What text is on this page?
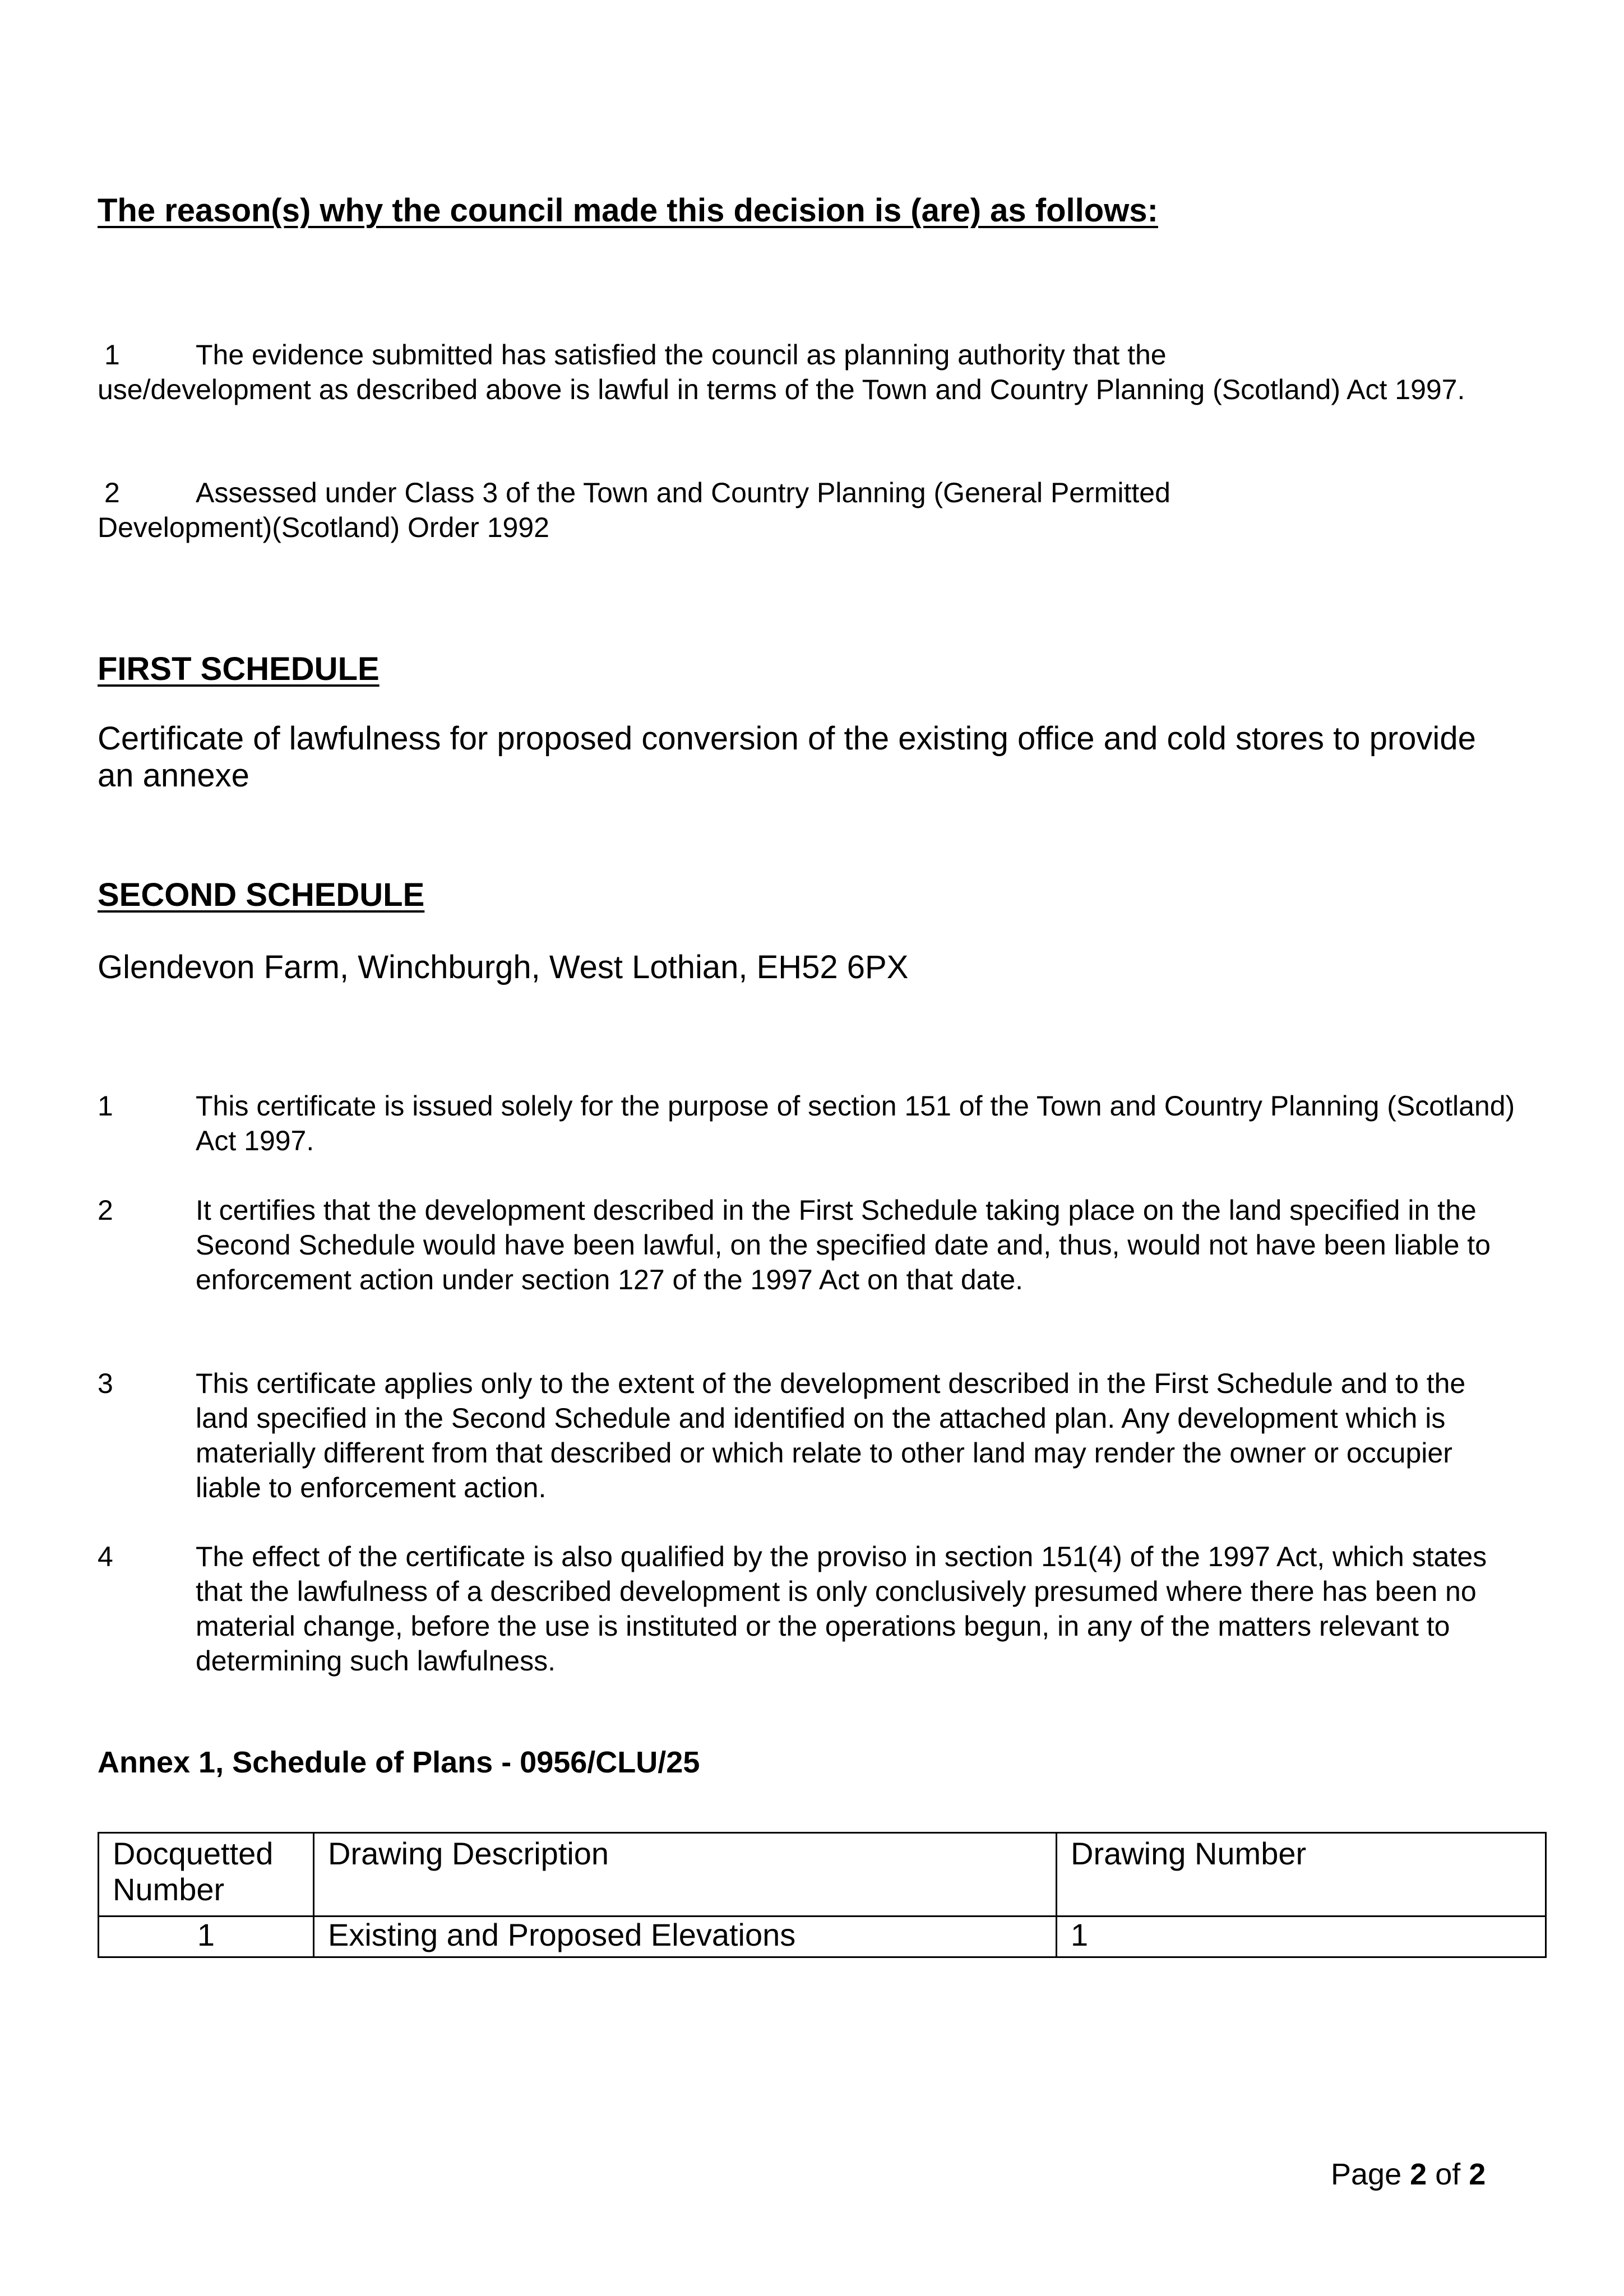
The reason(s) why the council made this decision is (are) as follows:
1	The evidence submitted has satisfied the council as planning authority that the
use/development as described above is lawful in terms of the Town and Country Planning (Scotland) Act 1997.
2	Assessed under Class 3 of the Town and Country Planning (General Permitted
Development)(Scotland) Order 1992
FIRST SCHEDULE
Certificate of lawfulness for proposed conversion of the existing office and cold stores to provide an annexe
SECOND SCHEDULE
Glendevon Farm, Winchburgh, West Lothian, EH52 6PX
1	This certificate is issued solely for the purpose of section 151 of the Town and Country Planning (Scotland) Act 1997.
2	It certifies that the development described in the First Schedule taking place on the land specified in the Second Schedule would have been lawful, on the specified date and, thus, would not have been liable to enforcement action under section 127 of the 1997 Act on that date.
3	This certificate applies only to the extent of the development described in the First Schedule and to the land specified in the Second Schedule and identified on the attached plan. Any development which is materially different from that described or which relate to other land may render the owner or occupier liable to enforcement action.
4	The effect of the certificate is also qualified by the proviso in section 151(4) of the 1997 Act, which states that the lawfulness of a described development is only conclusively presumed where there has been no material change, before the use is instituted or the operations begun, in any of the matters relevant to determining such lawfulness.
Annex 1, Schedule of Plans - 0956/CLU/25
Docquetted Number	Drawing Description	Drawing Number
1	Existing and Proposed Elevations	1
Page 2 of 2
